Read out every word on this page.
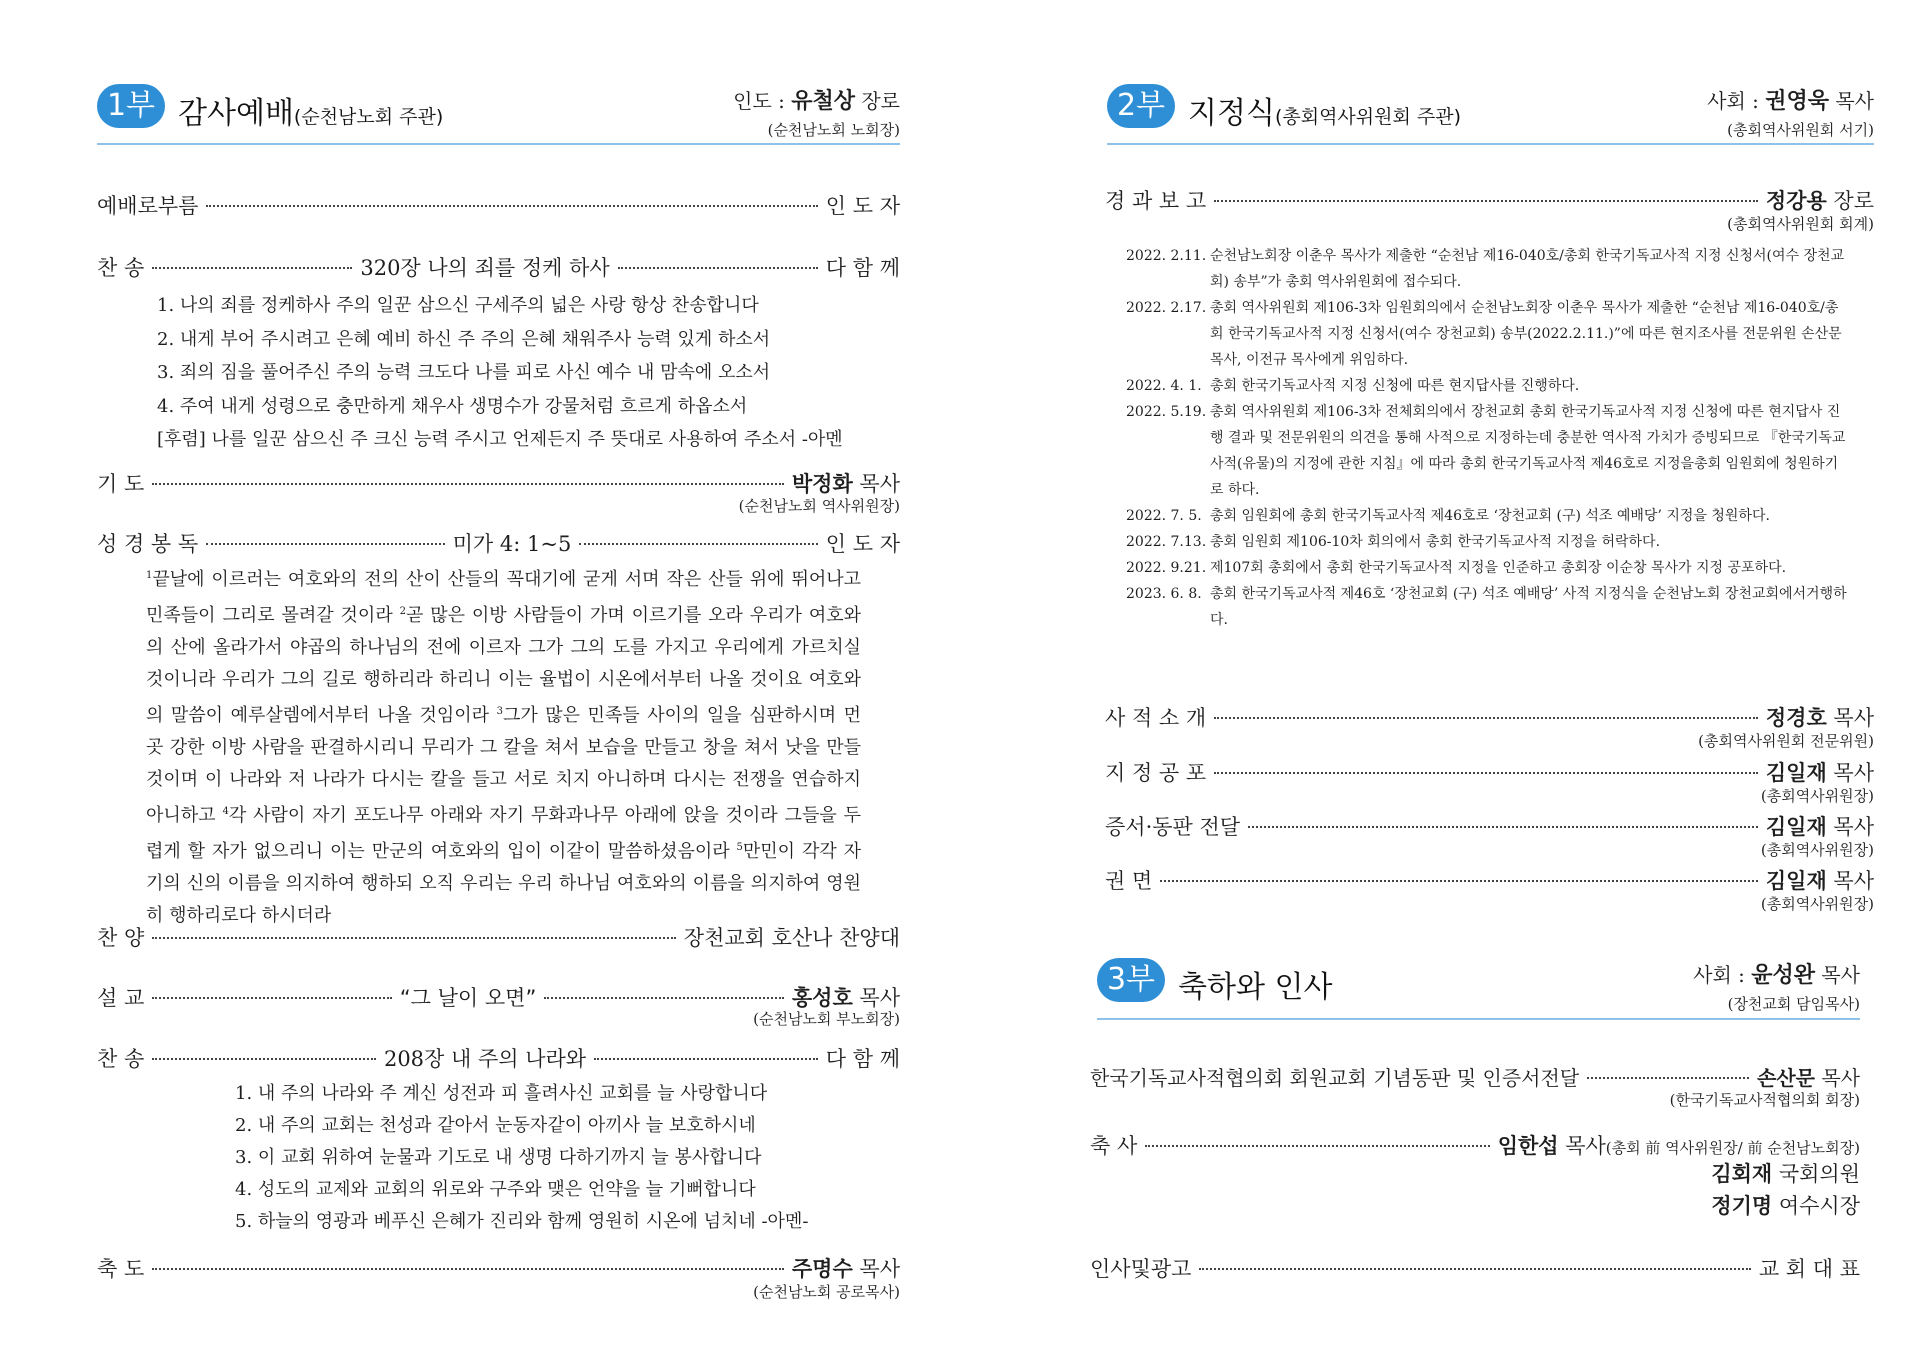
1부 감사예배(순천남노회 주관)
인도 : 유철상 장로
(순천남노회 노회장)
예배로부름	인 도 자
찬 송	320장 나의 죄를 정케 하사	다 함 께
1. 나의 죄를 정케하사 주의 일꾼 삼으신 구세주의 넓은 사랑 항상 찬송합니다
2. 내게 부어 주시려고 은혜 예비 하신 주 주의 은혜 채워주사 능력 있게 하소서
3. 죄의 짐을 풀어주신 주의 능력 크도다 나를 피로 사신 예수 내 맘속에 오소서
4. 주여 내게 성령으로 충만하게 채우사 생명수가 강물처럼 흐르게 하옵소서
[후렴] 나를 일꾼 삼으신 주 크신 능력 주시고 언제든지 주 뜻대로 사용하여 주소서 -아멘
기 도	박정화 목사
(순천남노회 역사위원장)
성 경 봉 독	미가 4: 1~5	인 도 자
$^1$끝날에 이르러는 여호와의 전의 산이 산들의 꼭대기에 굳게 서며 작은 산들 위에 뛰어나고 민족들이 그리로 몰려갈 것이라 $^2$곧 많은 이방 사람들이 가며 이르기를 오라 우리가 여호와의 산에 올라가서 야곱의 하나님의 전에 이르자 그가 그의 도를 가지고 우리에게 가르치실 것이니라 우리가 그의 길로 행하리라 하리니 이는 율법이 시온에서부터 나올 것이요 여호와의 말씀이 예루살렘에서부터 나올 것임이라 $^3$그가 많은 민족들 사이의 일을 심판하시며 먼 곳 강한 이방 사람을 판결하시리니 무리가 그 칼을 쳐서 보습을 만들고 창을 쳐서 낫을 만들 것이며 이 나라와 저 나라가 다시는 칼을 들고 서로 치지 아니하며 다시는 전쟁을 연습하지 아니하고 $^4$각 사람이 자기 포도나무 아래와 자기 무화과나무 아래에 앉을 것이라 그들을 두렵게 할 자가 없으리니 이는 만군의 여호와의 입이 이같이 말씀하셨음이라 $^5$만민이 각각 자기의 신의 이름을 의지하여 행하되 오직 우리는 우리 하나님 여호와의 이름을 의지하여 영원히 행하리로다 하시더라
찬 양	장천교회 호산나 찬양대
설 교	“그 날이 오면”	홍성호 목사
(순천남노회 부노회장)
찬 송	208장 내 주의 나라와	다 함 께
1. 내 주의 나라와 주 계신 성전과 피 흘려사신 교회를 늘 사랑합니다
2. 내 주의 교회는 천성과 같아서 눈동자같이 아끼사 늘 보호하시네
3. 이 교회 위하여 눈물과 기도로 내 생명 다하기까지 늘 봉사합니다
4. 성도의 교제와 교회의 위로와 구주와 맺은 언약을 늘 기뻐합니다
5. 하늘의 영광과 베푸신 은혜가 진리와 함께 영원히 시온에 넘치네 -아멘-
축 도	주명수 목사
(순천남노회 공로목사)
2부 지정식(총회역사위원회 주관)
사회 : 권영욱 목사
(총회역사위원회 서기)
경 과 보 고	정강용 장로
(총회역사위원회 회계)
2022. 2.11. 순천남노회장 이춘우 목사가 제출한 “순천남 제16-040호/총회 한국기독교사적 지정 신청서(여수 장천교회) 송부”가 총회 역사위원회에 접수되다.
2022. 2.17. 총회 역사위원회 제106-3차 임원회의에서 순천남노회장 이춘우 목사가 제출한 “순천남 제16-040호/총회 한국기독교사적 지정 신청서(여수 장천교회) 송부(2022.2.11.)”에 따른 현지조사를 전문위원 손산문 목사, 이전규 목사에게 위임하다.
2022. 4. 1. 총회 한국기독교사적 지정 신청에 따른 현지답사를 진행하다.
2022. 5.19. 총회 역사위원회 제106-3차 전체회의에서 장천교회 총회 한국기독교사적 지정 신청에 따른 현지답사 진행 결과 및 전문위원의 의견을 통해 사적으로 지정하는데 충분한 역사적 가치가 증빙되므로 『한국기독교 사적(유물)의 지정에 관한 지침』에 따라 총회 한국기독교사적 제46호로 지정을총회 임원회에 청원하기로 하다.
2022. 7. 5. 총회 임원회에 총회 한국기독교사적 제46호로 ‘장천교회 (구) 석조 예배당’ 지정을 청원하다.
2022. 7.13. 총회 임원회 제106-10차 회의에서 총회 한국기독교사적 지정을 허락하다.
2022. 9.21. 제107회 총회에서 총회 한국기독교사적 지정을 인준하고 총회장 이순창 목사가 지정 공포하다.
2023. 6. 8. 총회 한국기독교사적 제46호 ‘장천교회 (구) 석조 예배당’ 사적 지정식을 순천남노회 장천교회에서거행하다.
사 적 소 개	정경호 목사
(총회역사위원회 전문위원)
지 정 공 포	김일재 목사
(총회역사위원장)
증서·동판 전달	김일재 목사
(총회역사위원장)
권 면	김일재 목사
(총회역사위원장)
3부 축하와 인사	사회 : 윤성완 목사
(장천교회 담임목사)
한국기독교사적협의회 회원교회 기념동판 및 인증서전달	손산문 목사
(한국기독교사적협의회 회장)
축 사	임한섭 목사(총회 前 역사위원장/ 前 순천남노회장)
김회재 국회의원
정기명 여수시장
인사및광고	교 회 대 표
